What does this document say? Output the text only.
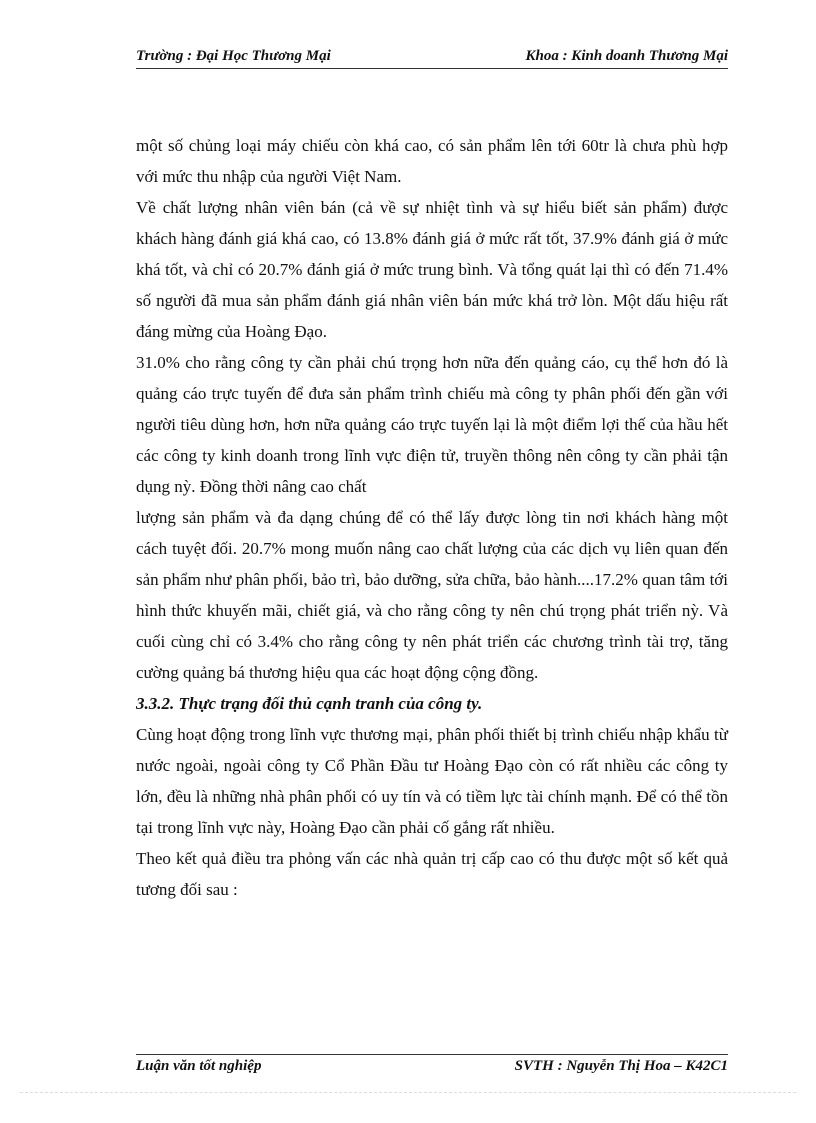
Trường : Đại Học Thương Mại	Khoa : Kinh doanh Thương Mại

một số chủng loại máy chiếu còn khá cao, có sản phẩm lên tới 60tr là chưa phù hợp với mức thu nhập của người Việt Nam.

Về chất lượng nhân viên bán (cả về sự nhiệt tình và sự hiểu biết sản phẩm) được khách hàng đánh giá khá cao, có 13.8% đánh giá ở mức rất tốt, 37.9% đánh giá ở mức khá tốt, và chỉ có 20.7% đánh giá ở mức trung bình. Và tổng quát lại thì có đến 71.4% số người đã mua sản phẩm đánh giá nhân viên bán mức khá trở lòn. Một dấu hiệu rất đáng mừng của Hoàng Đạo.

31.0% cho rằng công ty cần phải chú trọng hơn nữa đến quảng cáo, cụ thể hơn đó là quảng cáo trực tuyến để đưa sản phẩm trình chiếu mà công ty phân phối đến gần với người tiêu dùng hơn, hơn nữa quảng cáo trực tuyến lại là một điểm lợi thế của hầu hết các công ty kinh doanh trong lĩnh vực điện tử, truyền thông nên công ty cần phải tận dụng nỳ. Đồng thời nâng cao chất

lượng sản phẩm và đa dạng chúng để có thể lấy được lòng tin nơi khách hàng một cách tuyệt đối. 20.7% mong muốn nâng cao chất lượng của các dịch vụ liên quan đến sản phẩm như phân phối, bảo trì, bảo dưỡng, sửa chữa, bảo hành....17.2% quan tâm tới hình thức khuyến mãi, chiết giá, và cho rằng công ty nên chú trọng phát triển nỳ. Và cuối cùng chỉ có 3.4% cho rằng công ty nên phát triển các chương trình tài trợ, tăng cường quảng bá thương hiệu qua các hoạt động cộng đồng.

3.3.2. Thực trạng đối thủ cạnh tranh của công ty.

Cùng hoạt động trong lĩnh vực thương mại, phân phối thiết bị trình chiếu nhập khẩu từ nước ngoài, ngoài công ty Cổ Phần Đầu tư Hoàng Đạo còn có rất nhiều các công ty lớn, đều là những nhà phân phối có uy tín và có tiềm lực tài chính mạnh. Để có thể tồn tại trong lĩnh vực này, Hoàng Đạo cần phải cố gắng rất nhiều.

Theo kết quả điều tra phỏng vấn các nhà quản trị cấp cao có thu được một số kết quả tương đối sau :

Luận văn tốt nghiệp	SVTH : Nguyễn Thị Hoa – K42C1
